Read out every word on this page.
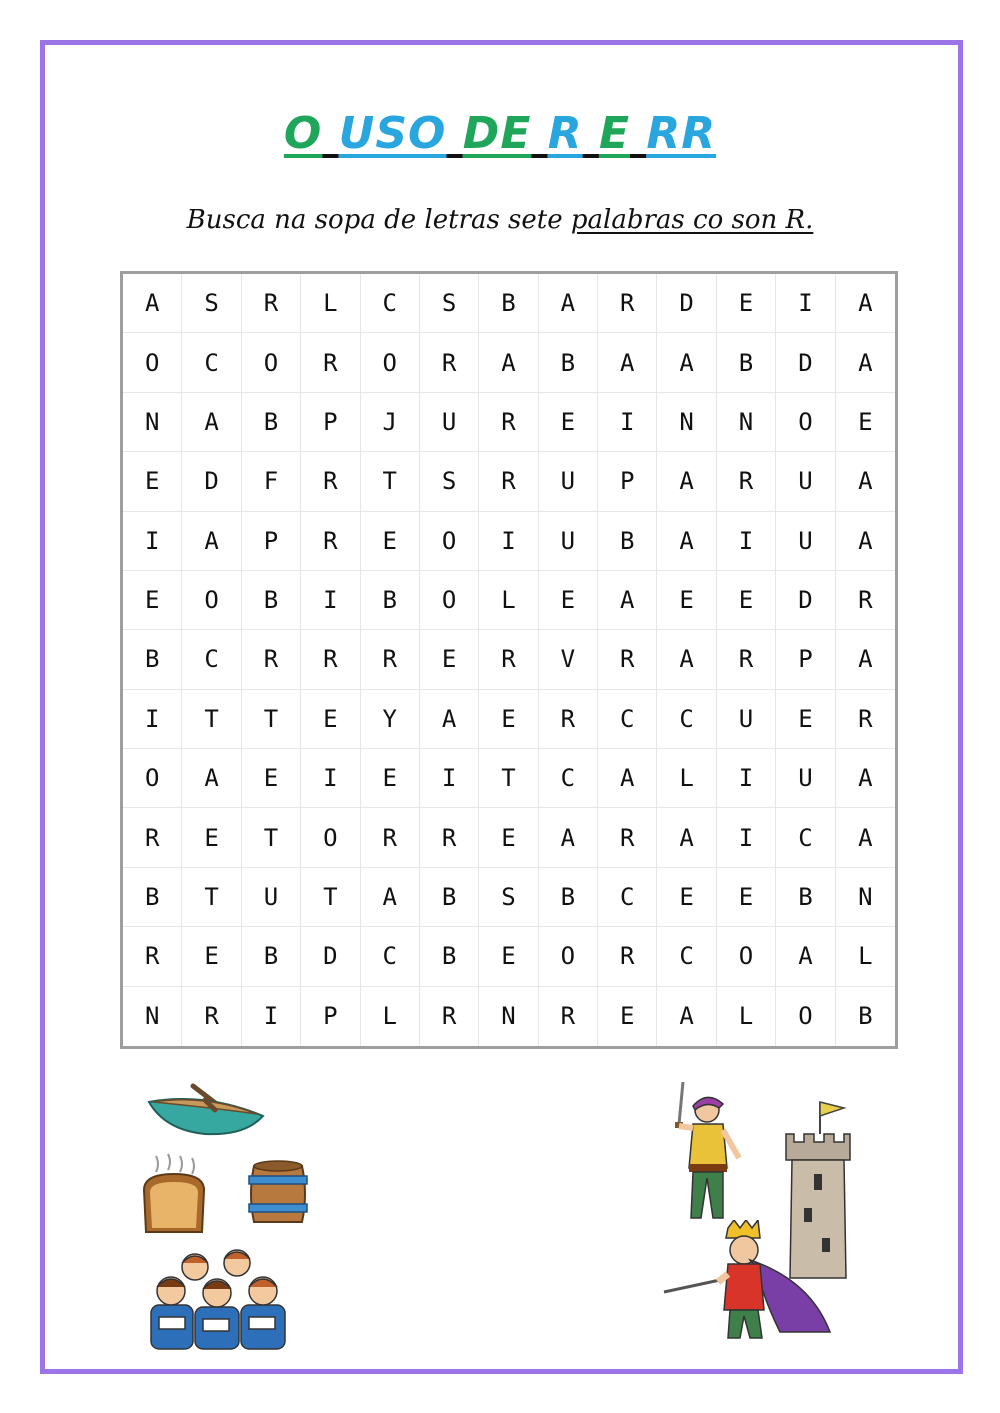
O USO DE R E RR
Busca na sopa de letras sete palabras co son R.
A	S	R	L	C	S	B	A	R	D	E	I	A
O	C	O	R	O	R	A	B	A	A	B	D	A
N	A	B	P	J	U	R	E	I	N	N	O	E
E	D	F	R	T	S	R	U	P	A	R	U	A
I	A	P	R	E	O	I	U	B	A	I	U	A
E	O	B	I	B	O	L	E	A	E	E	D	R
B	C	R	R	R	E	R	V	R	A	R	P	A
I	T	T	E	Y	A	E	R	C	C	U	E	R
O	A	E	I	E	I	T	C	A	L	I	U	A
R	E	T	O	R	R	E	A	R	A	I	C	A
B	T	U	T	A	B	S	B	C	E	E	B	N
R	E	B	D	C	B	E	O	R	C	O	A	L
N	R	I	P	L	R	N	R	E	A	L	O	B
